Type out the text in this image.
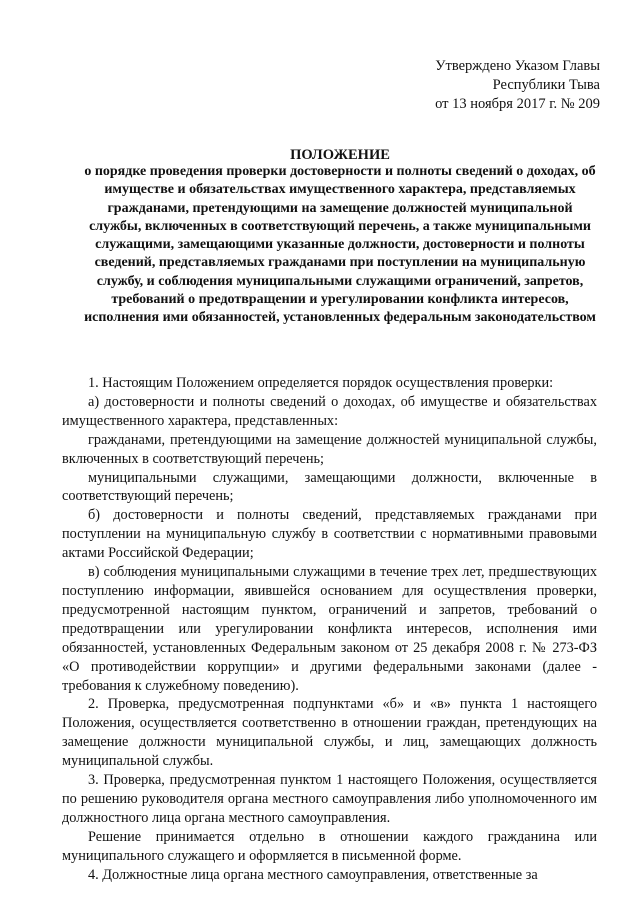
Утверждено Указом Главы
Республики Тыва
от 13 ноября 2017 г. № 209
ПОЛОЖЕНИЕ
о порядке проведения проверки достоверности и полноты сведений о доходах, об имуществе и обязательствах имущественного характера, представляемых гражданами, претендующими на замещение должностей муниципальной службы, включенных в соответствующий перечень, а также муниципальными служащими, замещающими указанные должности, достоверности и полноты сведений, представляемых гражданами при поступлении на муниципальную службу, и соблюдения муниципальными служащими ограничений, запретов, требований о предотвращении и урегулировании конфликта интересов, исполнения ими обязанностей, установленных федеральным законодательством

1. Настоящим Положением определяется порядок осуществления проверки:

а) достоверности и полноты сведений о доходах, об имуществе и обязательствах имущественного характера, представленных:

гражданами, претендующими на замещение должностей муниципальной службы, включенных в соответствующий перечень;

муниципальными служащими, замещающими должности, включенные в соответствующий перечень;

б) достоверности и полноты сведений, представляемых гражданами при поступлении на муниципальную службу в соответствии с нормативными правовыми актами Российской Федерации;

в) соблюдения муниципальными служащими в течение трех лет, предшествующих поступлению информации, явившейся основанием для осуществления проверки, предусмотренной настоящим пунктом, ограничений и запретов, требований о предотвращении или урегулировании конфликта интересов, исполнения ими обязанностей, установленных Федеральным законом от 25 декабря 2008 г. № 273-ФЗ «О противодействии коррупции» и другими федеральными законами (далее - требования к служебному поведению).

2. Проверка, предусмотренная подпунктами «б» и «в» пункта 1 настоящего Положения, осуществляется соответственно в отношении граждан, претендующих на замещение должности муниципальной службы, и лиц, замещающих должность муниципальной службы.

3. Проверка, предусмотренная пунктом 1 настоящего Положения, осуществляется по решению руководителя органа местного самоуправления либо уполномоченного им должностного лица органа местного самоуправления.

Решение принимается отдельно в отношении каждого гражданина или муниципального служащего и оформляется в письменной форме.

4. Должностные лица органа местного самоуправления, ответственные за
